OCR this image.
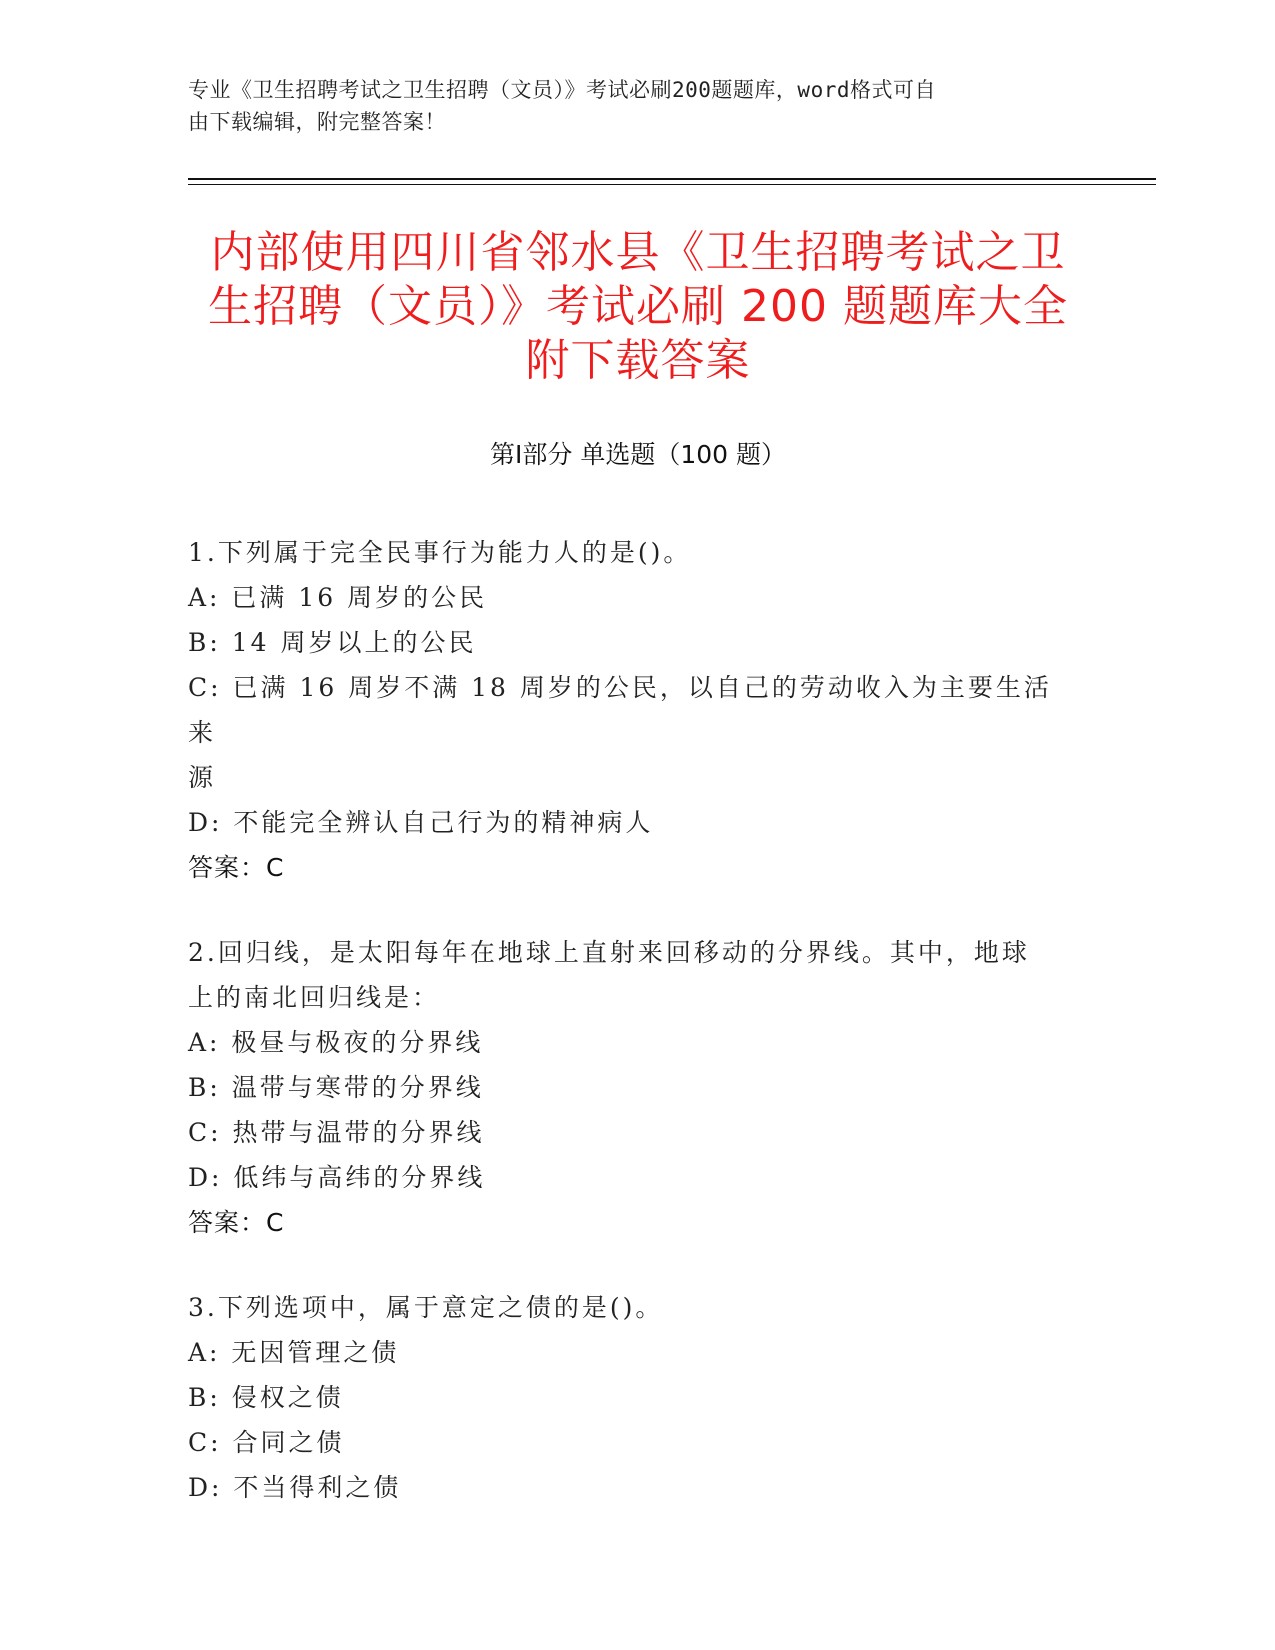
专业《卫生招聘考试之卫生招聘（文员）》考试必刷200题题库，word格式可自
由下载编辑，附完整答案！
内部使用四川省邻水县《卫生招聘考试之卫
生招聘（文员）》考试必刷 200 题题库大全
附下载答案
第Ⅰ部分 单选题（100 题）
1.下列属于完全民事行为能力人的是()。
A: 已满 16 周岁的公民
B: 14 周岁以上的公民
C: 已满 16 周岁不满 18 周岁的公民，以自己的劳动收入为主要生活来
源
D: 不能完全辨认自己行为的精神病人
答案：C
2.回归线，是太阳每年在地球上直射来回移动的分界线。其中，地球
上的南北回归线是：
A: 极昼与极夜的分界线
B: 温带与寒带的分界线
C: 热带与温带的分界线
D: 低纬与高纬的分界线
答案：C
3.下列选项中，属于意定之债的是()。
A: 无因管理之债
B: 侵权之债
C: 合同之债
D: 不当得利之债
